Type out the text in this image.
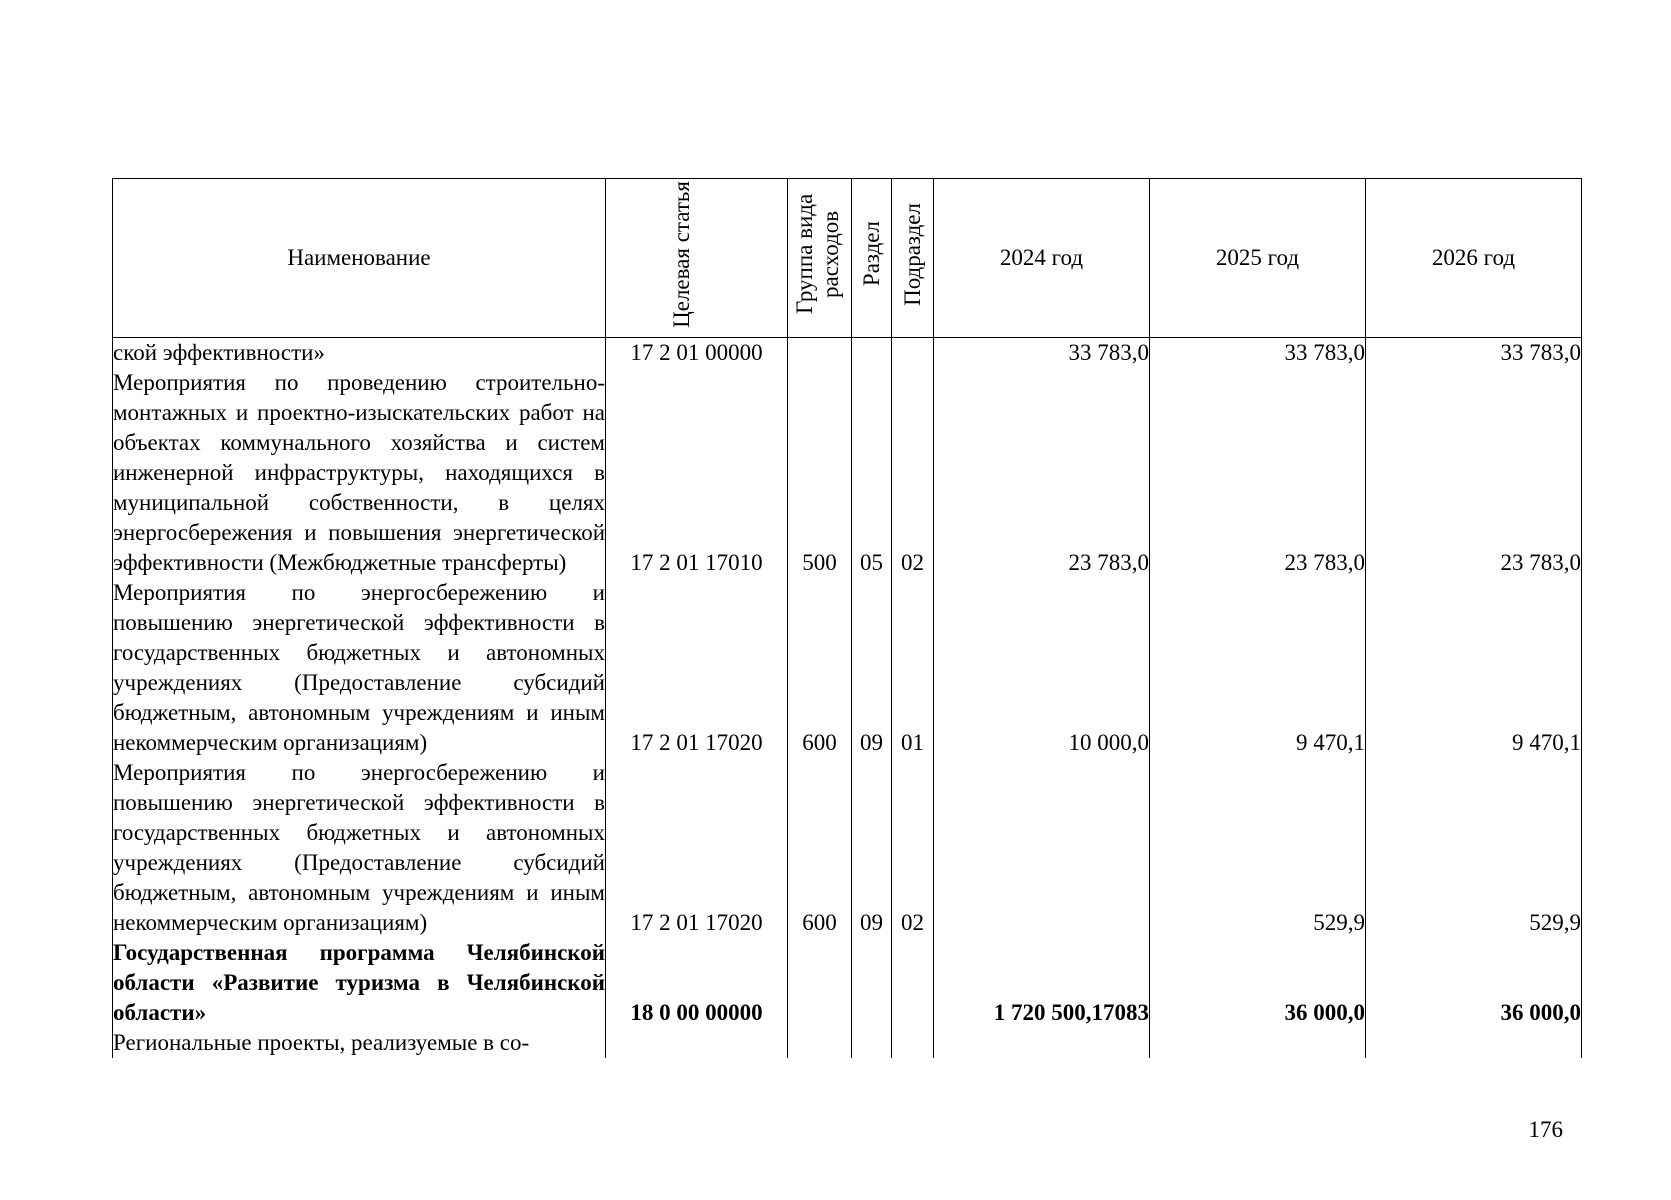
Наименование	Целевая статья	Группа вида расходов	Раздел	Подраздел	2024 год	2025 год	2026 год
ской эффективности»	17 2 01 00000				33 783,0	33 783,0	33 783,0
Мероприятия по проведению строительно-монтажных и проектно-изыскательских работ на объектах коммунального хозяйства и систем инженерной инфраструктуры, находящихся в муниципальной собственности, в целях энергосбережения и повышения энергетической эффективности (Межбюджетные трансферты)	17 2 01 17010	500	05	02	23 783,0	23 783,0	23 783,0
Мероприятия по энергосбережению и повышению энергетической эффективности в государственных бюджетных и автономных учреждениях (Предоставление субсидий бюджетным, автономным учреждениям и иным некоммерческим организациям)	17 2 01 17020	600	09	01	10 000,0	9 470,1	9 470,1
Мероприятия по энергосбережению и повышению энергетической эффективности в государственных бюджетных и автономных учреждениях (Предоставление субсидий бюджетным, автономным учреждениям и иным некоммерческим организациям)	17 2 01 17020	600	09	02		529,9	529,9
Государственная программа Челябинской области «Развитие туризма в Челябинской области»	18 0 00 00000				1 720 500,17083	36 000,0	36 000,0
Региональные проекты, реализуемые в со-							
176
